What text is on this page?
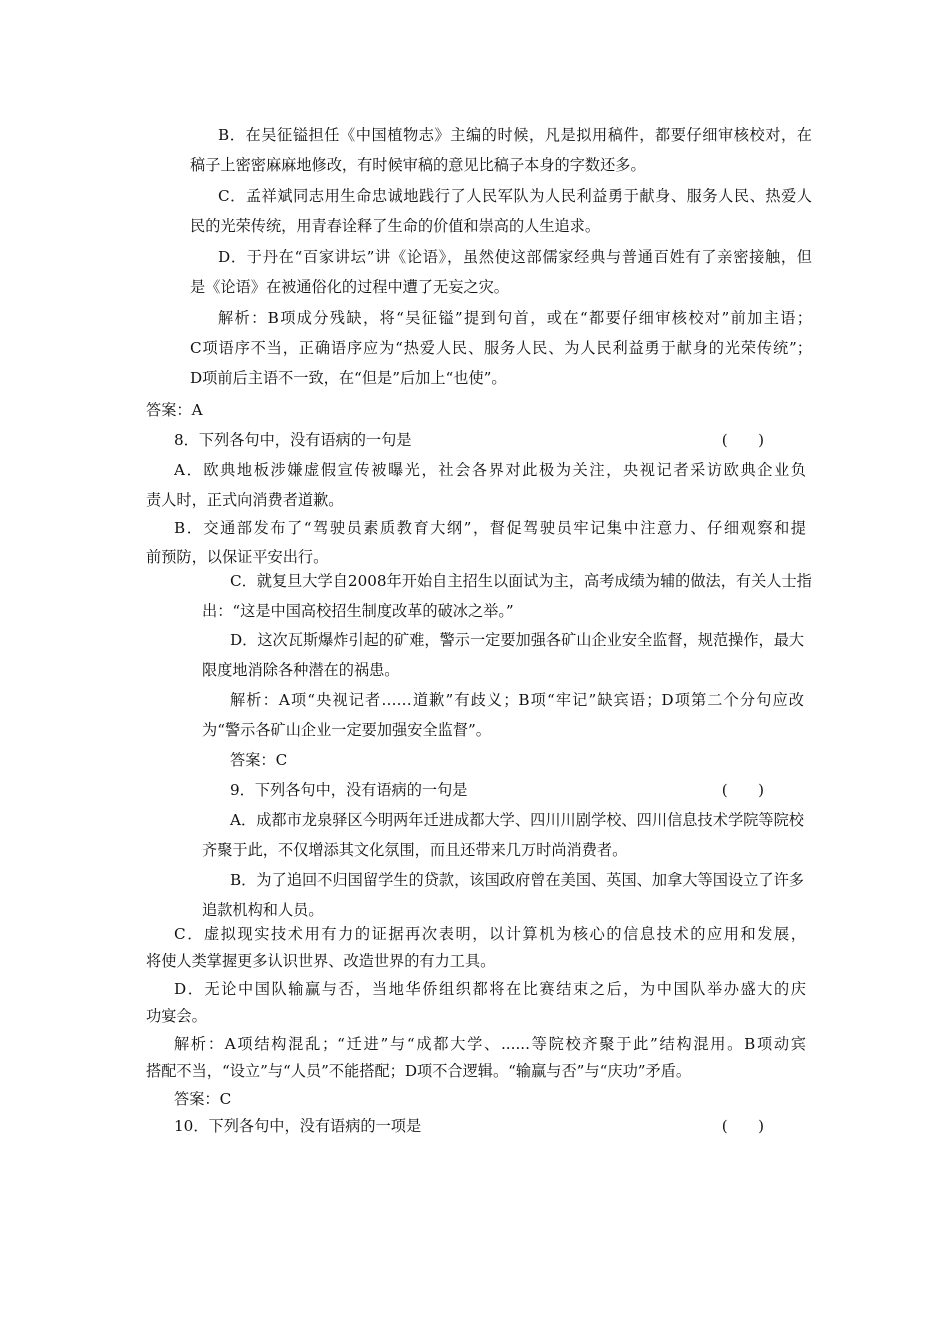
B．在吴征镒担任《中国植物志》主编的时候，凡是拟用稿件，都要仔细审核校对，在

稿子上密密麻麻地修改，有时候审稿的意见比稿子本身的字数还多。

C．孟祥斌同志用生命忠诚地践行了人民军队为人民利益勇于献身、服务人民、热爱人

民的光荣传统，用青春诠释了生命的价值和崇高的人生追求。

D．于丹在“百家讲坛”讲《论语》，虽然使这部儒家经典与普通百姓有了亲密接触，但

是《论语》在被通俗化的过程中遭了无妄之灾。

解析：B项成分残缺，将“吴征镒”提到句首，或在“都要仔细审核校对”前加主语；

C项语序不当，正确语序应为“热爱人民、服务人民、为人民利益勇于献身的光荣传统”；

D项前后主语不一致，在“但是”后加上“也使”。

答案：A

8．下列各句中，没有语病的一句是	(　　)

A．欧典地板涉嫌虚假宣传被曝光，社会各界对此极为关注，央视记者采访欧典企业负

责人时，正式向消费者道歉。

B．交通部发布了“驾驶员素质教育大纲”，督促驾驶员牢记集中注意力、仔细观察和提

前预防，以保证平安出行。

C．就复旦大学自2008年开始自主招生以面试为主，高考成绩为辅的做法，有关人士指

出：“这是中国高校招生制度改革的破冰之举。”

D．这次瓦斯爆炸引起的矿难，警示一定要加强各矿山企业安全监督，规范操作，最大

限度地消除各种潜在的祸患。

解析：A项“央视记者……道歉”有歧义；B项“牢记”缺宾语；D项第二个分句应改

为“警示各矿山企业一定要加强安全监督”。

答案：C

9．下列各句中，没有语病的一句是	(　　)

A．成都市龙泉驿区今明两年迁进成都大学、四川川剧学校、四川信息技术学院等院校

齐聚于此，不仅增添其文化氛围，而且还带来几万时尚消费者。

B．为了追回不归国留学生的贷款，该国政府曾在美国、英国、加拿大等国设立了许多

追款机构和人员。

C．虚拟现实技术用有力的证据再次表明，以计算机为核心的信息技术的应用和发展，

将使人类掌握更多认识世界、改造世界的有力工具。

D．无论中国队输赢与否，当地华侨组织都将在比赛结束之后，为中国队举办盛大的庆

功宴会。

解析：A项结构混乱；“迁进”与“成都大学、......等院校齐聚于此”结构混用。B项动宾

搭配不当，“设立”与“人员”不能搭配；D项不合逻辑。“输赢与否”与“庆功”矛盾。

答案：C

10．下列各句中，没有语病的一项是	(　　)
